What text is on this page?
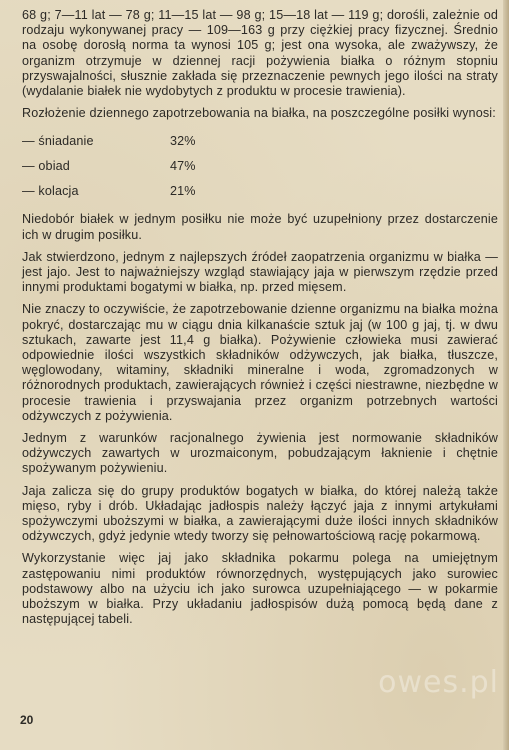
68 g; 7—11 lat — 78 g; 11—15 lat — 98 g; 15—18 lat — 119 g; dorośli, zależnie od rodzaju wykonywanej pracy — 109—163 g przy ciężkiej pracy fizycznej. Średnio na osobę dorosłą norma ta wynosi 105 g; jest ona wysoka, ale zważywszy, że organizm otrzymuje w dziennej racji pożywienia białka o różnym stopniu przyswajalności, słusznie zakłada się przeznaczenie pewnych jego ilości na straty (wydalanie białek nie wydobytych z produktu w procesie trawienia).

Rozłożenie dziennego zapotrzebowania na białka, na poszczególne posiłki wynosi:

— śniadanie	32%
— obiad	47%
— kolacja	21%

Niedobór białek w jednym posiłku nie może być uzupełniony przez dostarczenie ich w drugim posiłku.

Jak stwierdzono, jednym z najlepszych źródeł zaopatrzenia organizmu w białka — jest jajo. Jest to najważniejszy wzgląd stawiający jaja w pierwszym rzędzie przed innymi produktami bogatymi w białka, np. przed mięsem.

Nie znaczy to oczywiście, że zapotrzebowanie dzienne organizmu na białka można pokryć, dostarczając mu w ciągu dnia kilkanaście sztuk jaj (w 100 g jaj, tj. w dwu sztukach, zawarte jest 11,4 g białka). Pożywienie człowieka musi zawierać odpowiednie ilości wszystkich składników odżywczych, jak białka, tłuszcze, węglowodany, witaminy, składniki mineralne i woda, zgromadzonych w różnorodnych produktach, zawierających również i części niestrawne, niezbędne w procesie trawienia i przyswajania przez organizm potrzebnych wartości odżywczych z pożywienia.

Jednym z warunków racjonalnego żywienia jest normowanie składników odżywczych zawartych w urozmaiconym, pobudzającym łaknienie i chętnie spożywanym pożywieniu.

Jaja zalicza się do grupy produktów bogatych w białka, do której należą także mięso, ryby i drób. Układając jadłospis należy łączyć jaja z innymi artykułami spożywczymi uboższymi w białka, a zawierającymi duże ilości innych składników odżywczych, gdyż jedynie wtedy tworzy się pełnowartościową rację pokarmową.

Wykorzystanie więc jaj jako składnika pokarmu polega na umiejętnym zastępowaniu nimi produktów równorzędnych, występujących jako surowiec podstawowy albo na użyciu ich jako surowca uzupełniającego — w pokarmie uboższym w białka. Przy układaniu jadłospisów dużą pomocą będą dane z następującej tabeli.

owes.pl
20
